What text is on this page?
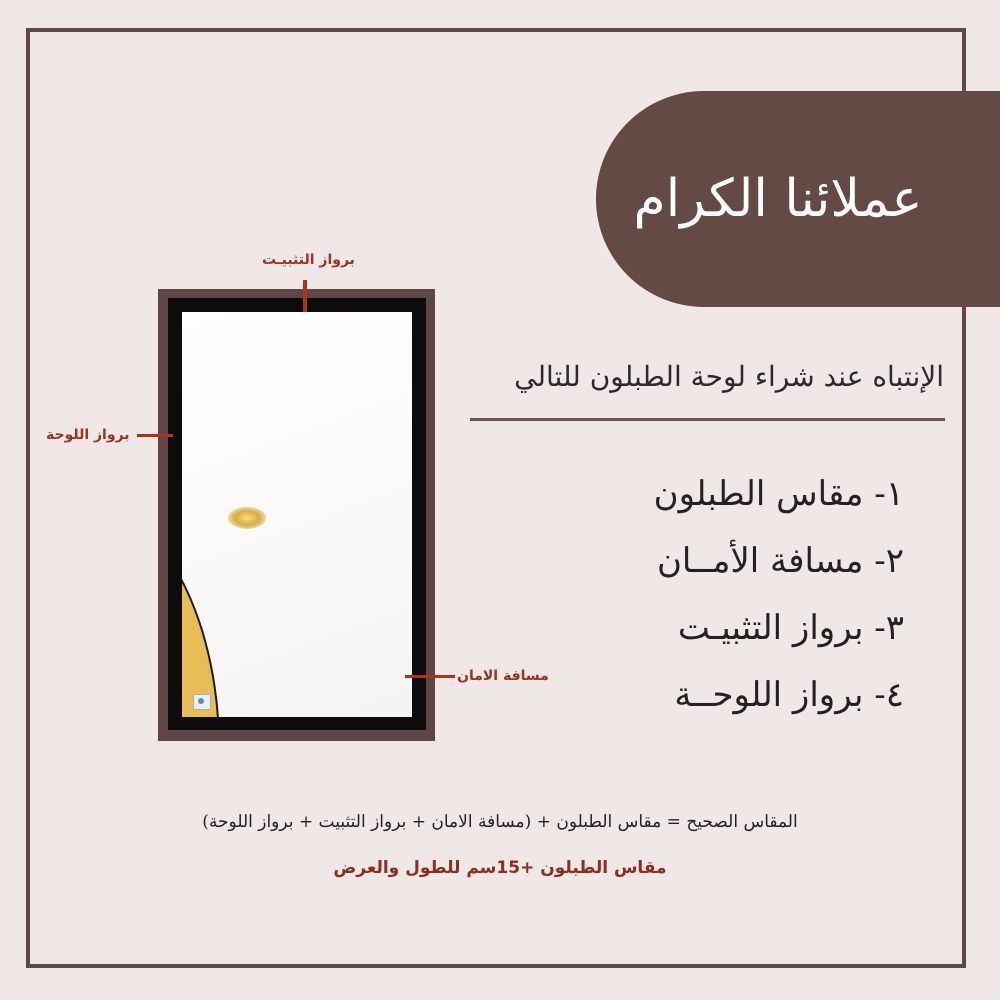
عملائنا الكرام
الإنتباه عند شراء لوحة الطبلون للتالي
١- مقاس الطبلون
٢- مسافة الأمــان
٣- برواز التثبيـت
٤- برواز اللوحــة
برواز التثبيـت
برواز اللوحة
مسافة الامان
المقاس الصحيح = مقاس الطبلون + (مسافة الامان + برواز التثبيت + برواز اللوحة)
مقاس الطبلون +15سم للطول والعرض
